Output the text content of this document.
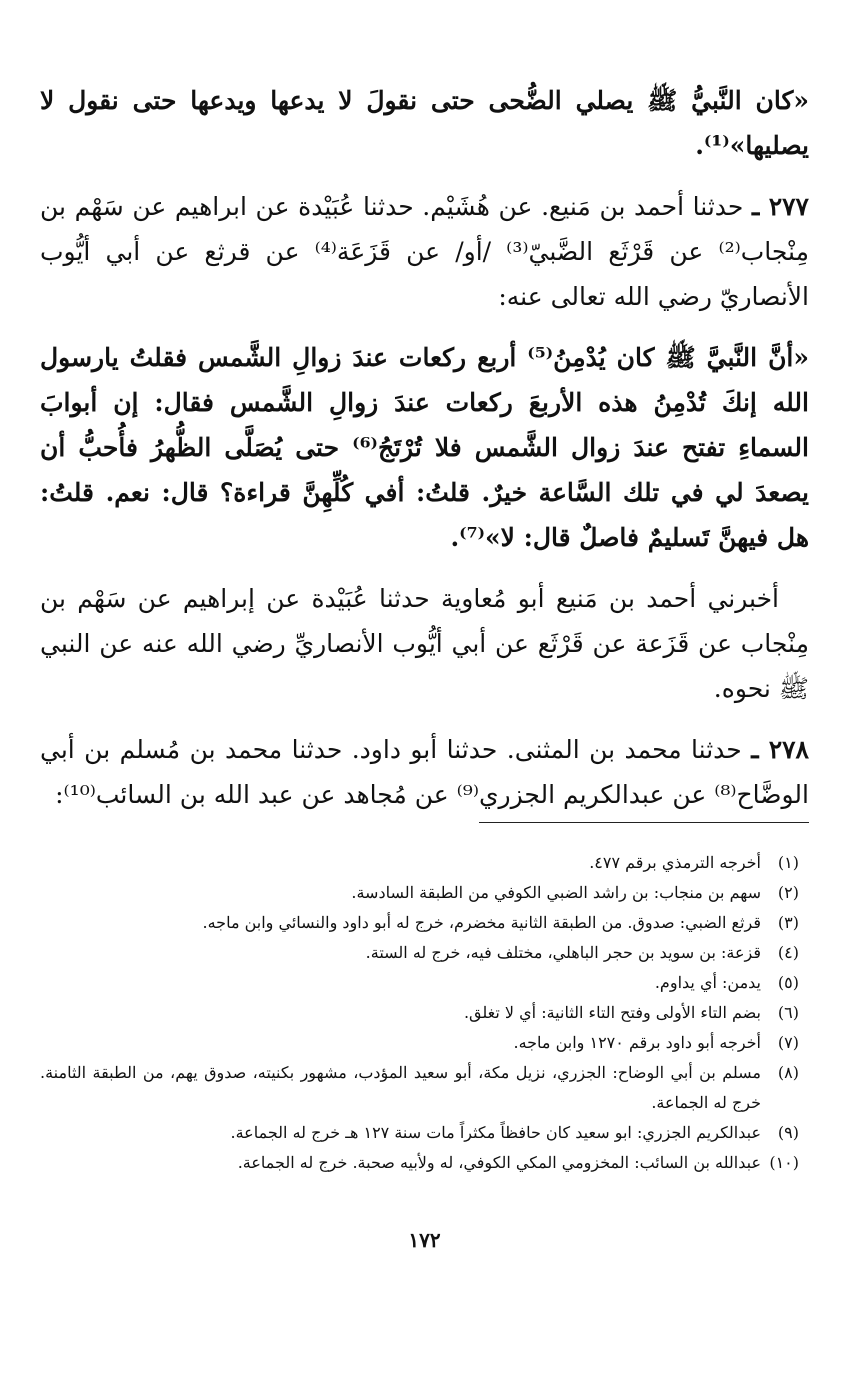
«كان النَّبيُّ ﷺ يصلي الضُّحى حتى نقولَ لا يدعها ويدعها حتى نقول لا يصليها»⁽¹⁾.

٢٧٧ ـ حدثنا أحمد بن مَنيع. عن هُشَيْم. حدثنا عُبَيْدة عن ابراهيم عن سَهْم بن مِنْجاب⁽²⁾ عن قَرْثَع الضَّبيّ⁽³⁾ /أو/ عن قَزَعَة⁽⁴⁾ عن قرثع عن أبي أيُّوب الأنصاريّ رضي الله تعالى عنه:

«أنَّ النَّبيَّ ﷺ كان يُدْمِنُ⁽⁵⁾ أربع ركعات عندَ زوالِ الشَّمس فقلتُ يارسول الله إنكَ تُدْمِنُ هذه الأربعَ ركعات عندَ زوالِ الشَّمس فقال: إن أبوابَ السماءِ تفتح عندَ زوال الشَّمس فلا تُرْتَجُ⁽⁶⁾ حتى يُصَلَّى الظُّهرُ فأُحبُّ أن يصعدَ لي في تلك السَّاعة خيرٌ. قلتُ: أفي كُلِّهِنَّ قراءة؟ قال: نعم. قلتُ: هل فيهنَّ تَسليمٌ فاصلٌ قال: لا»⁽⁷⁾.

أخبرني أحمد بن مَنيع أبو مُعاوية حدثنا عُبَيْدة عن إبراهيم عن سَهْم بن مِنْجاب عن قَزَعة عن قَرْثَع عن أبي أيُّوب الأنصاريِّ رضي الله عنه عن النبي ﷺ نحوه.

٢٧٨ ـ حدثنا محمد بن المثنى. حدثنا أبو داود. حدثنا محمد بن مُسلم بن أبي الوضَّاح⁽⁸⁾ عن عبدالكريم الجزري⁽⁹⁾ عن مُجاهد عن عبد الله بن السائب⁽¹⁰⁾:

(١)
أخرجه الترمذي برقم ٤٧٧.
(٢)
سهم بن منجاب: بن راشد الضبي الكوفي من الطبقة السادسة.
(٣)
قرثع الضبي: صدوق. من الطبقة الثانية مخضرم، خرج له أبو داود والنسائي وابن ماجه.
(٤)
قزعة: بن سويد بن حجر الباهلي، مختلف فيه، خرج له الستة.
(٥)
يدمن: أي يداوم.
(٦)
بضم التاء الأولى وفتح التاء الثانية: أي لا تغلق.
(٧)
أخرجه أبو داود برقم ١٢٧٠ وابن ماجه.
(٨)
مسلم بن أبي الوضاح: الجزري، نزيل مكة، أبو سعيد المؤدب، مشهور بكنيته، صدوق يهم، من الطبقة الثامنة. خرج له الجماعة.
(٩)
عبدالكريم الجزري: ابو سعيد كان حافظاً مكثراً مات سنة ١٢٧ هـ خرج له الجماعة.
(١٠)
عبدالله بن السائب: المخزومي المكي الكوفي، له ولأبيه صحبة. خرج له الجماعة.
١٧٢
